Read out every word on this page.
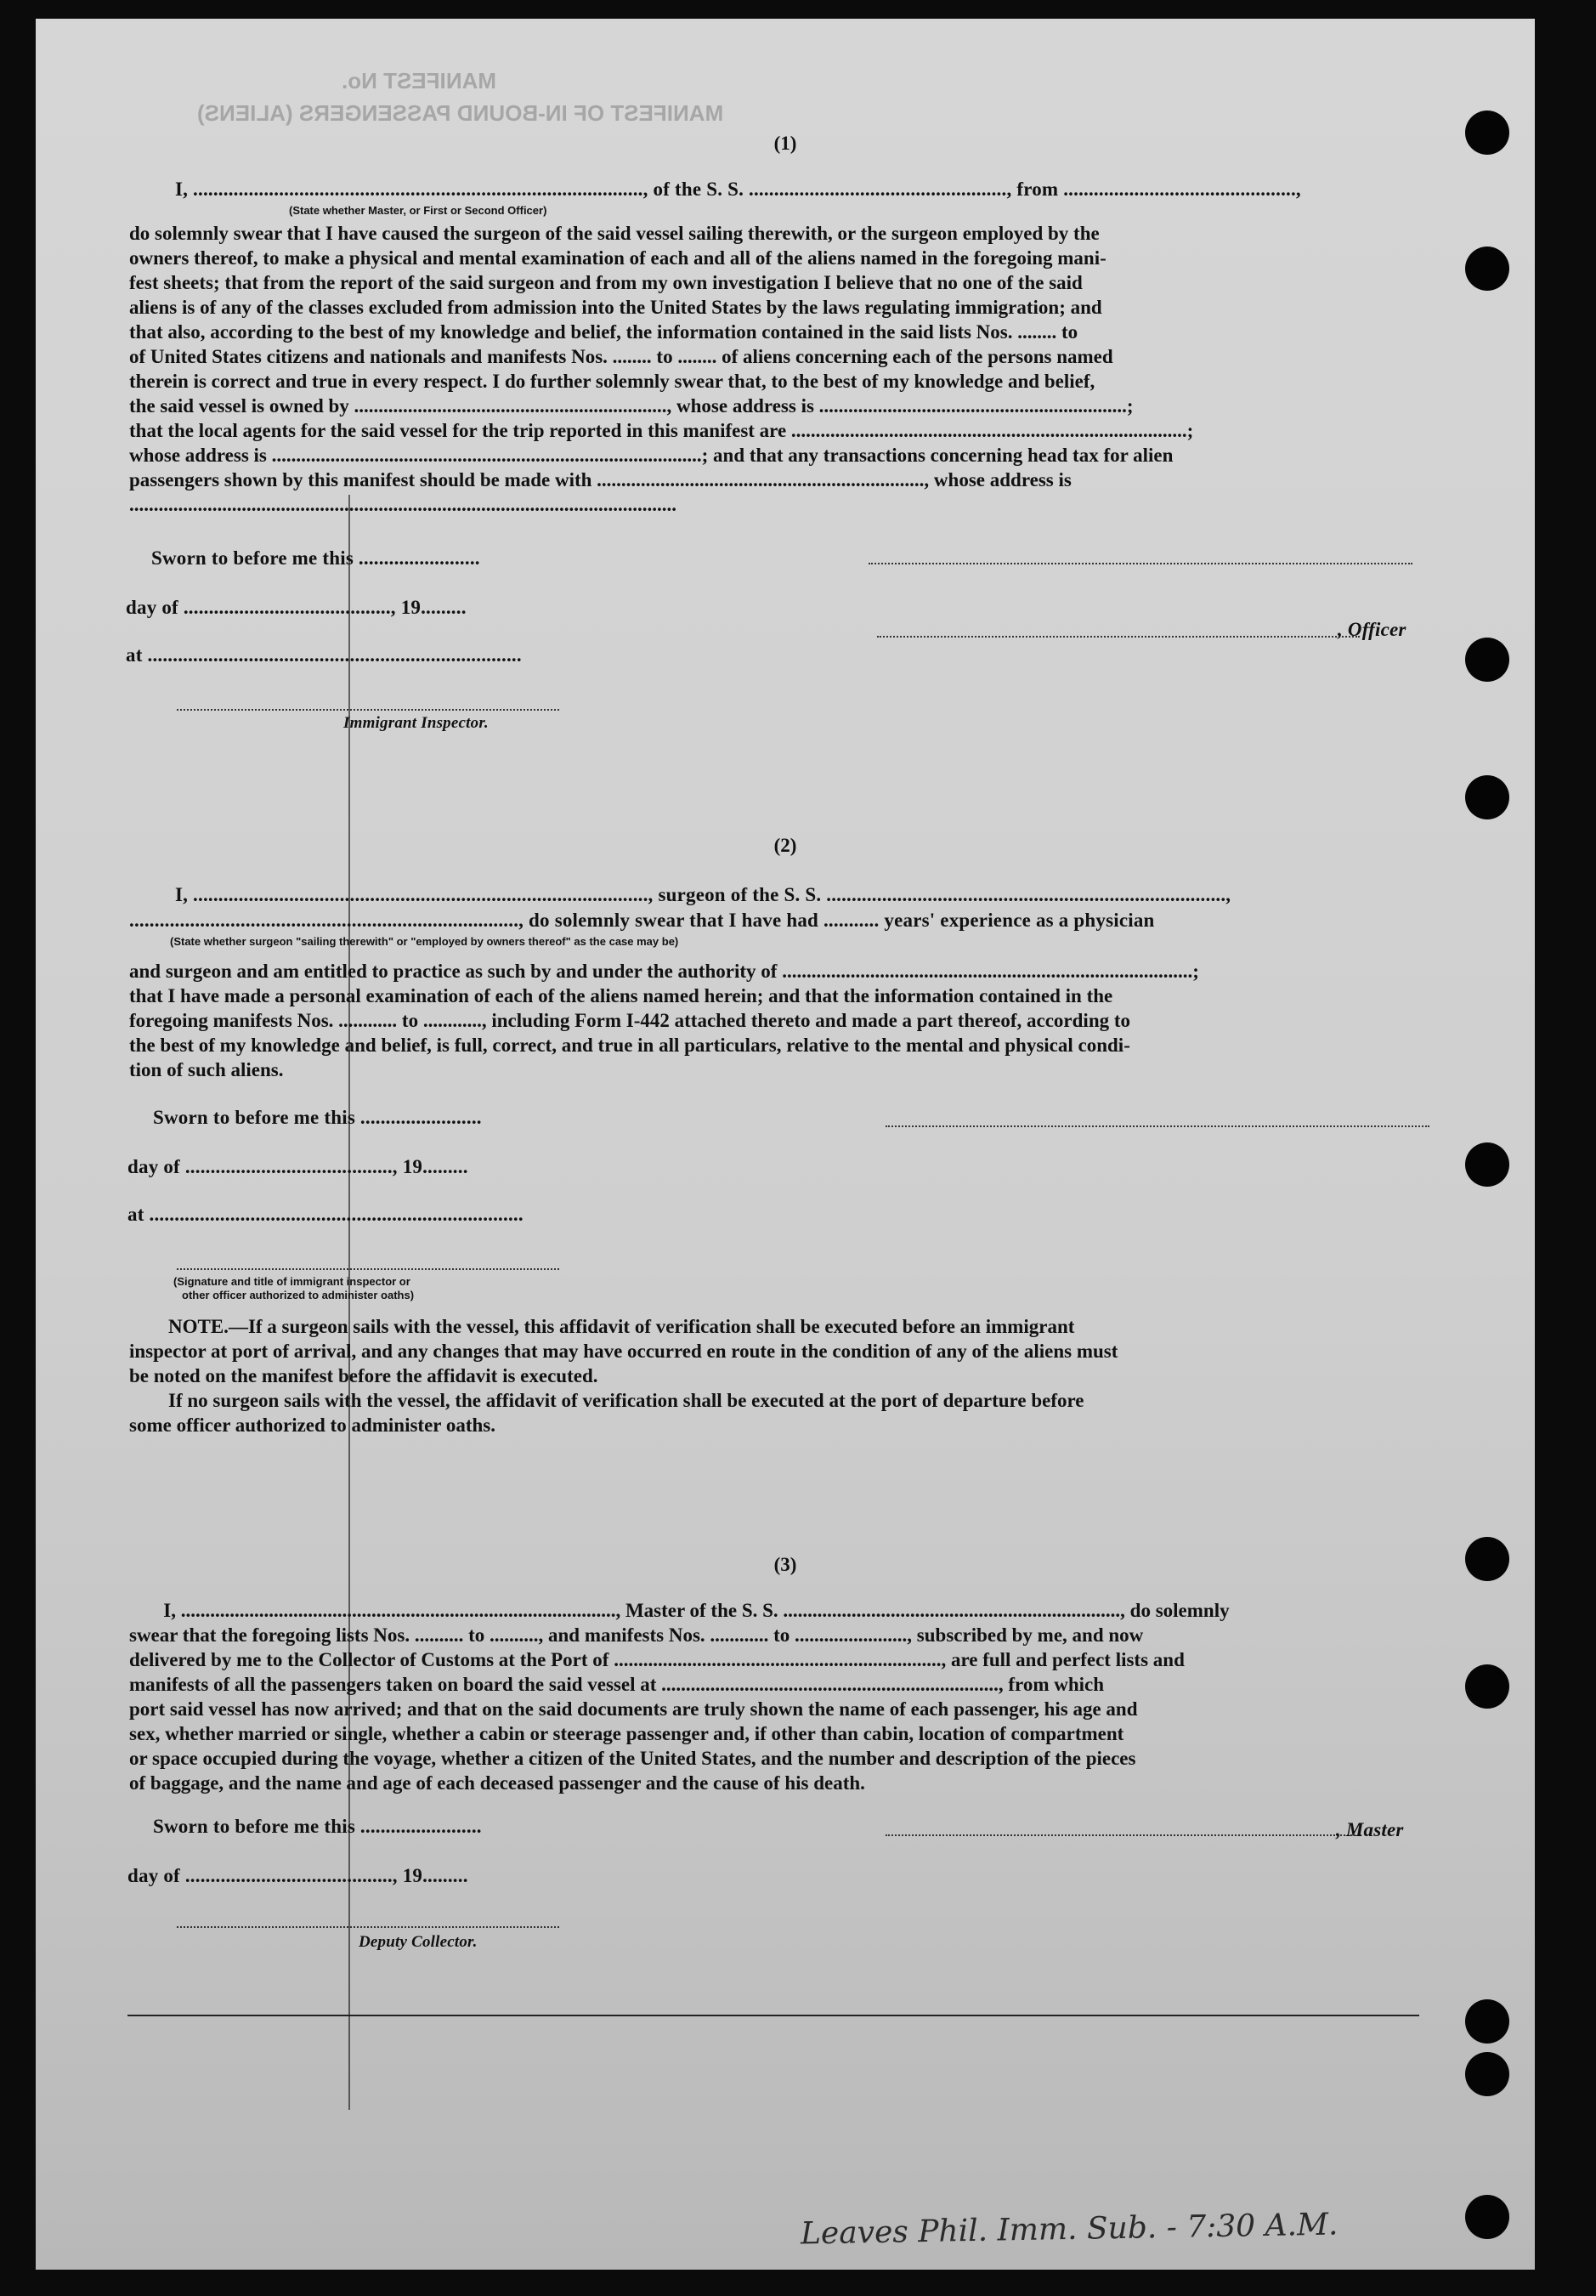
MANIFEST No.
MANIFEST OF IN-BOUND PASSENGERS (ALIENS)
(1)
I, ........................................................................................., of the S. S. ..................................................., from ..............................................,
(State whether Master, or First or Second Officer)
do solemnly swear that I have caused the surgeon of the said vessel sailing therewith, or the surgeon employed by the
owners thereof, to make a physical and mental examination of each and all of the aliens named in the foregoing mani-
fest sheets; that from the report of the said surgeon and from my own investigation I believe that no one of the said
aliens is of any of the classes excluded from admission into the United States by the laws regulating immigration; and
that also, according to the best of my knowledge and belief, the information contained in the said lists Nos. ........ to
of United States citizens and nationals and manifests Nos. ........ to ........ of aliens concerning each of the persons named
therein is correct and true in every respect. I do further solemnly swear that, to the best of my knowledge and belief,
the said vessel is owned by ................................................................, whose address is ...............................................................;
that the local agents for the said vessel for the trip reported in this manifest are .................................................................................;
whose address is ........................................................................................; and that any transactions concerning head tax for alien
passengers shown by this manifest should be made with ..................................................................., whose address is
................................................................................................................
Sworn to before me this ........................
day of ........................................., 19.........
at ..........................................................................
Immigrant Inspector.
, Officer
(2)
I, .........................................................................................., surgeon of the S. S. ...............................................................................,
............................................................................., do solemnly swear that I have had ........... years' experience as a physician
(State whether surgeon "sailing therewith" or "employed by owners thereof" as the case may be)
and surgeon and am entitled to practice as such by and under the authority of ....................................................................................;
that I have made a personal examination of each of the aliens named herein; and that the information contained in the
foregoing manifests Nos. ............ to ............, including Form I-442 attached thereto and made a part thereof, according to
the best of my knowledge and belief, is full, correct, and true in all particulars, relative to the mental and physical condi-
tion of such aliens.
Sworn to before me this ........................
day of ........................................., 19.........
at ..........................................................................
(Signature and title of immigrant inspector or
other officer authorized to administer oaths)
NOTE.—If a surgeon sails with the vessel, this affidavit of verification shall be executed before an immigrant
inspector at port of arrival, and any changes that may have occurred en route in the condition of any of the aliens must
be noted on the manifest before the affidavit is executed.
If no surgeon sails with the vessel, the affidavit of verification shall be executed at the port of departure before
some officer authorized to administer oaths.
(3)
I, ........................................................................................., Master of the S. S. ....................................................................., do solemnly
swear that the foregoing lists Nos. .......... to .........., and manifests Nos. ............ to ......................., subscribed by me, and now
delivered by me to the Collector of Customs at the Port of ..................................................................., are full and perfect lists and
manifests of all the passengers taken on board the said vessel at ....................................................................., from which
port said vessel has now arrived; and that on the said documents are truly shown the name of each passenger, his age and
sex, whether married or single, whether a cabin or steerage passenger and, if other than cabin, location of compartment
or space occupied during the voyage, whether a citizen of the United States, and the number and description of the pieces
of baggage, and the name and age of each deceased passenger and the cause of his death.
Sworn to before me this ........................
day of ........................................., 19.........
Deputy Collector.
, Master
Leaves Phil. Imm. Sub. - 7:30 A.M.
